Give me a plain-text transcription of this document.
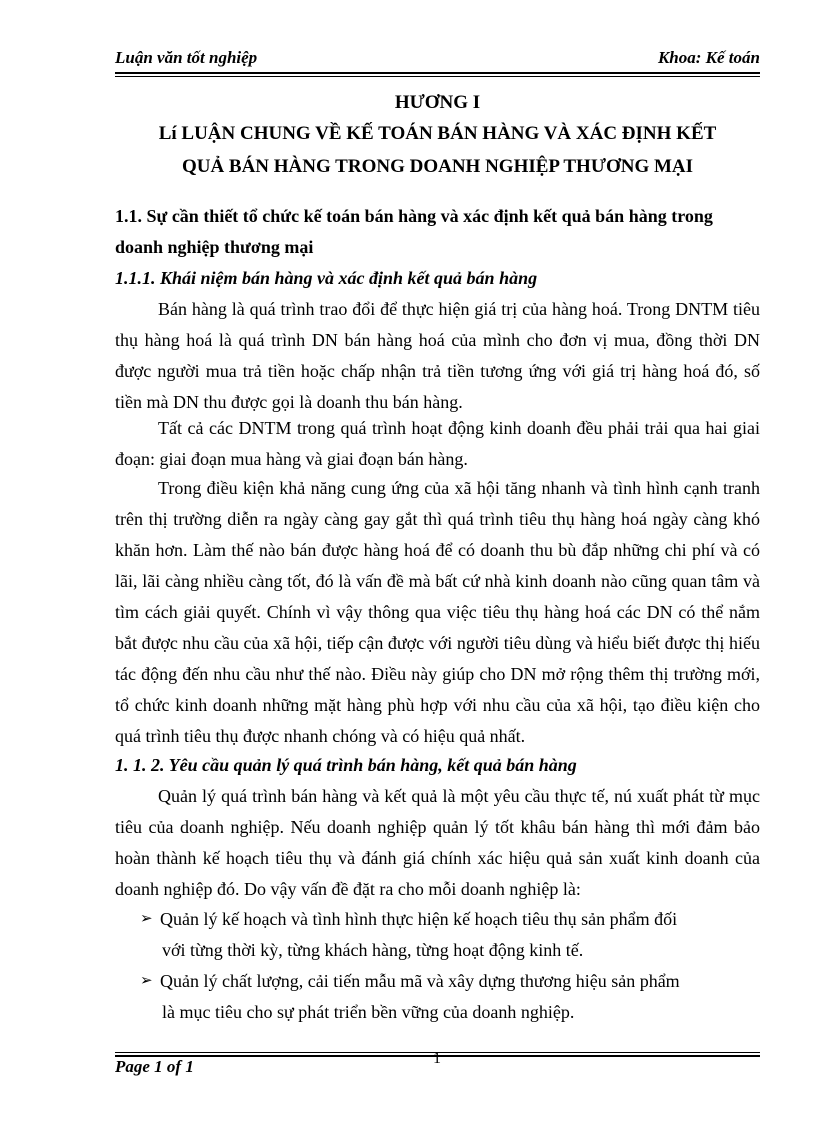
Luận văn tốt nghiệp	Khoa: Kế toán
HƯƠNG I
Lí LUẬN CHUNG VỀ KẾ TOÁN BÁN HÀNG VÀ XÁC ĐỊNH KẾT
QUẢ BÁN HÀNG TRONG DOANH NGHIỆP THƯƠNG MẠI
1.1. Sự cần thiết tổ chức kế toán bán hàng và xác định kết quả bán hàng trong
doanh nghiệp thương mại
1.1.1. Khái niệm bán hàng và xác định kết quả bán hàng
Bán hàng là quá trình trao đổi để thực hiện giá trị của hàng hoá. Trong DNTM tiêu thụ hàng hoá là quá trình DN bán hàng hoá của mình cho đơn vị mua, đồng thời DN được người mua trả tiền hoặc chấp nhận trả tiền tương ứng với giá trị hàng hoá đó, số tiền mà DN thu được gọi là doanh thu bán hàng.
Tất cả các DNTM trong quá trình hoạt động kinh doanh đều phải trải qua hai giai đoạn: giai đoạn mua hàng và giai đoạn bán hàng.
Trong điều kiện khả năng cung ứng của xã hội tăng nhanh và tình hình cạnh tranh trên thị trường diễn ra ngày càng gay gắt thì quá trình tiêu thụ hàng hoá ngày càng khó khăn hơn. Làm thế nào bán được hàng hoá để có doanh thu bù đắp những chi phí và có lãi, lãi càng nhiều càng tốt, đó là vấn đề mà bất cứ nhà kinh doanh nào cũng quan tâm và tìm cách giải quyết. Chính vì vậy thông qua việc tiêu thụ hàng hoá các DN có thể nắm bắt được nhu cầu của xã hội, tiếp cận được với người tiêu dùng và hiểu biết được thị hiếu tác động đến nhu cầu như thế nào. Điều này giúp cho DN mở rộng thêm thị trường mới, tổ chức kinh doanh những mặt hàng phù hợp với nhu cầu của xã hội, tạo điều kiện cho quá trình tiêu thụ được nhanh chóng và có hiệu quả nhất.
1. 1. 2. Yêu cầu quản lý quá trình bán hàng, kết quả bán hàng
Quản lý quá trình bán hàng và kết quả là một yêu cầu thực tế, nú xuất phát từ mục tiêu của doanh nghiệp. Nếu doanh nghiệp quản lý tốt khâu bán hàng thì mới đảm bảo hoàn thành kế hoạch tiêu thụ và đánh giá chính xác hiệu quả sản xuất kinh doanh của doanh nghiệp đó. Do vậy vấn đề đặt ra cho mỗi doanh nghiệp là:
➢ Quản lý kế hoạch và tình hình thực hiện kế hoạch tiêu thụ sản phẩm đối
với từng thời kỳ, từng khách hàng, từng hoạt động kinh tế.
➢ Quản lý chất lượng, cải tiến mẫu mã và xây dựng thương hiệu sản phẩm
là mục tiêu cho sự phát triển bền vững của doanh nghiệp.
1
Page 1 of 1
